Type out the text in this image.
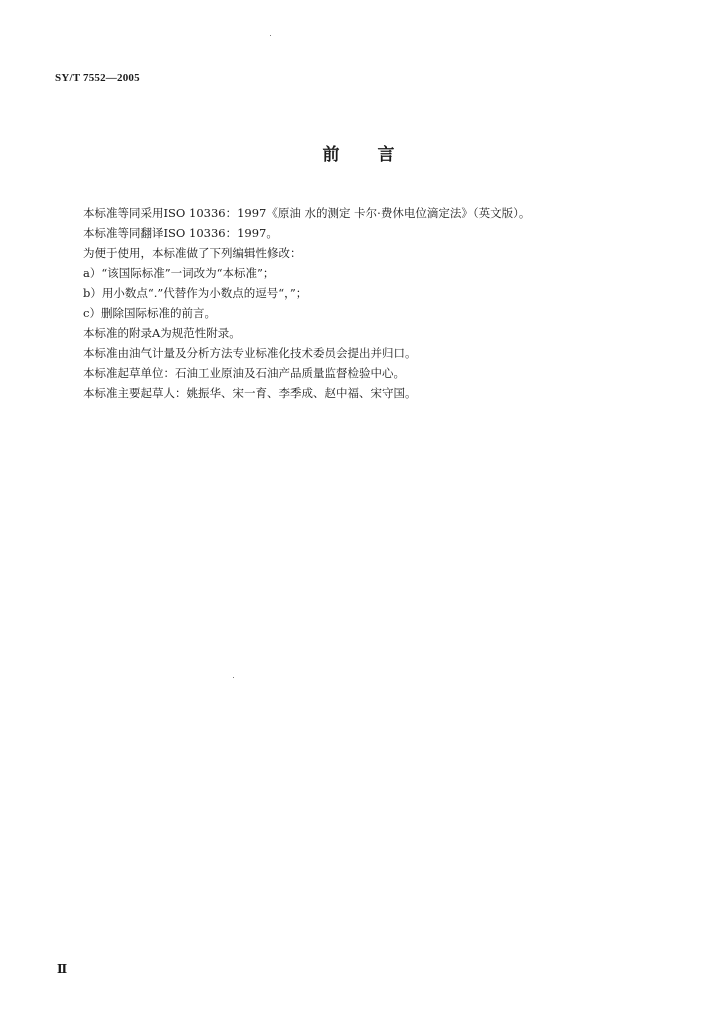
SY/T 7552—2005
前言

本标准等同采用ISO 10336：1997《原油 水的测定 卡尔·费休电位滴定法》（英文版）。

本标准等同翻译ISO 10336：1997。

为便于使用，本标准做了下列编辑性修改：

a）“该国际标准”一词改为“本标准”；

b）用小数点“.”代替作为小数点的逗号“，”；

c）删除国际标准的前言。

本标准的附录A为规范性附录。

本标准由油气计量及分析方法专业标准化技术委员会提出并归口。

本标准起草单位：石油工业原油及石油产品质量监督检验中心。

本标准主要起草人：姚振华、宋一育、李季成、赵中福、宋守国。

Ⅱ
